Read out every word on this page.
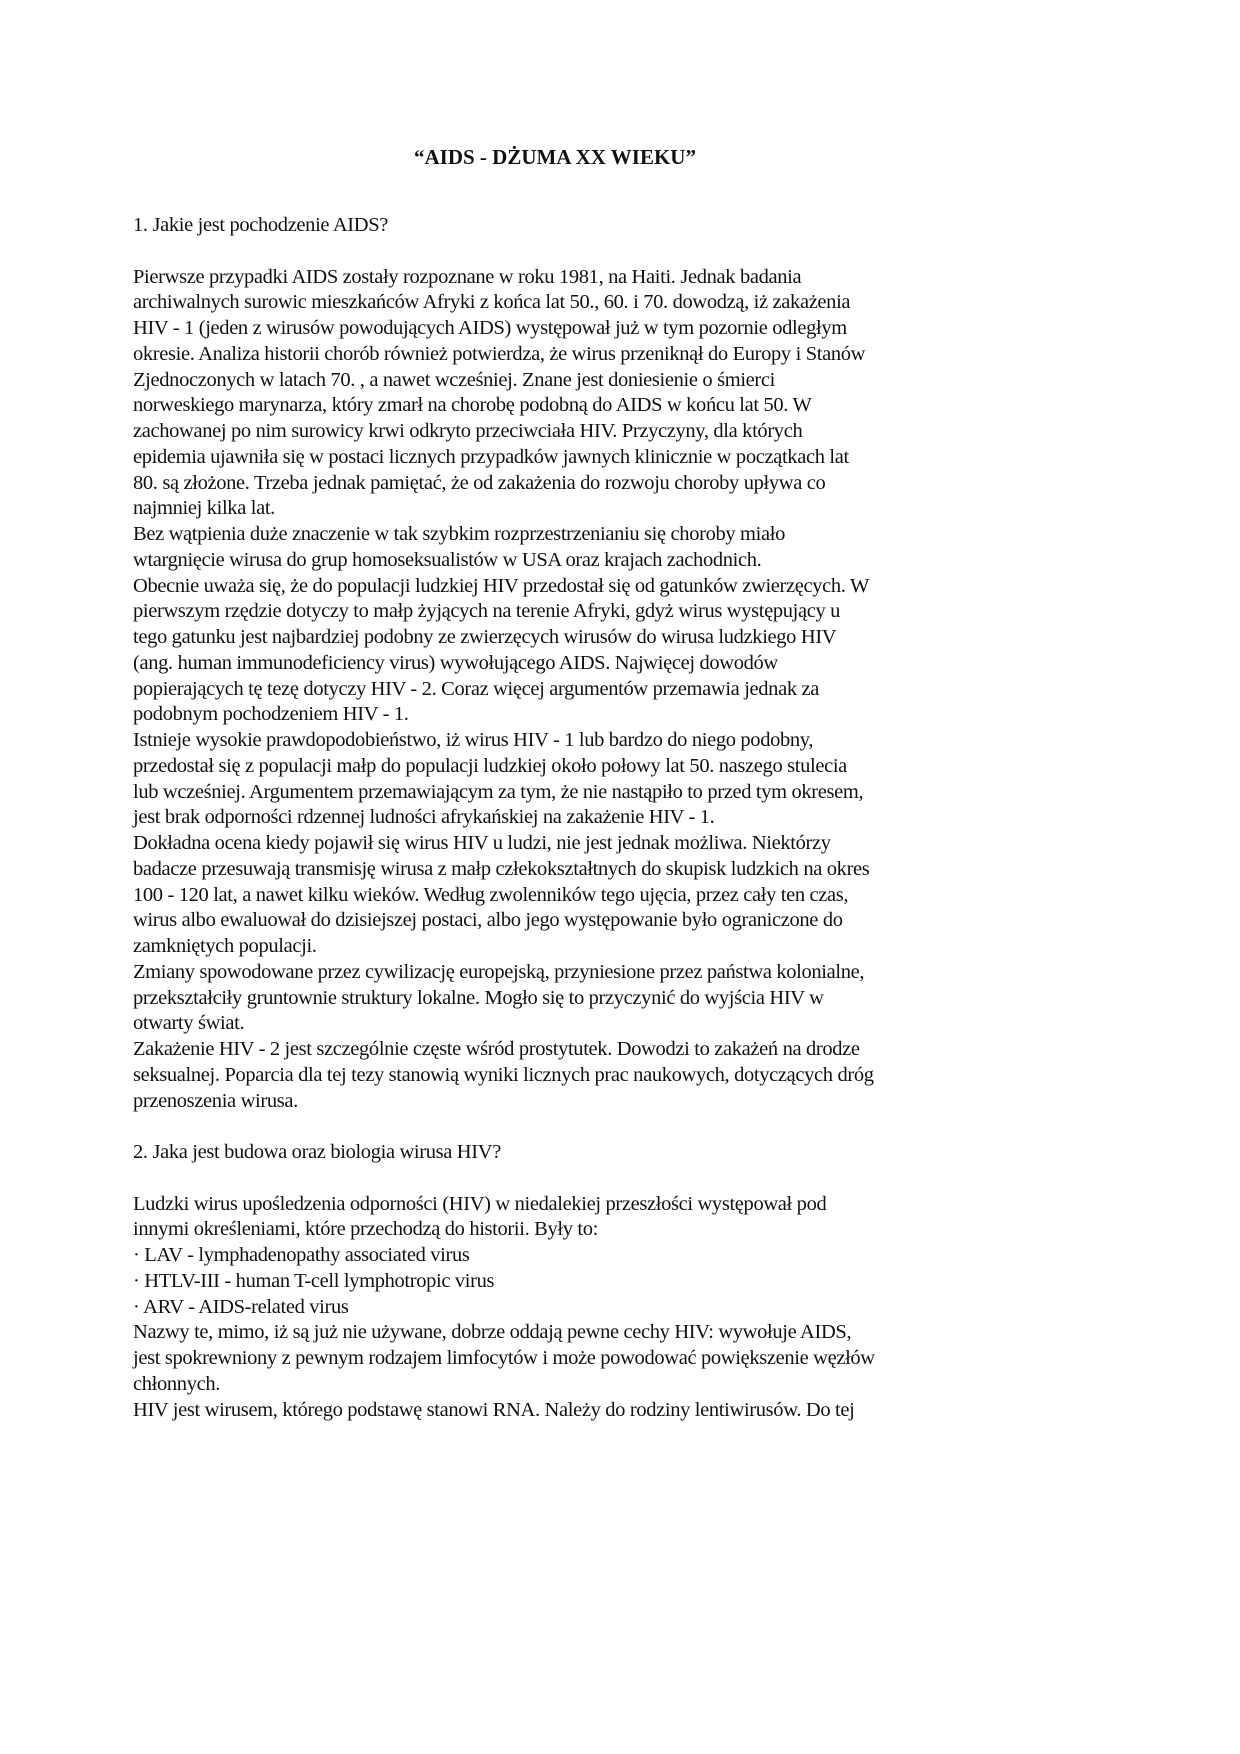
“AIDS - DŻUMA XX WIEKU”
1. Jakie jest pochodzenie AIDS?
Pierwsze przypadki AIDS zostały rozpoznane w roku 1981, na Haiti. Jednak badania
archiwalnych surowic mieszkańców Afryki z końca lat 50., 60. i 70. dowodzą, iż zakażenia
HIV - 1 (jeden z wirusów powodujących AIDS) występował już w tym pozornie odległym
okresie. Analiza historii chorób również potwierdza, że wirus przeniknął do Europy i Stanów
Zjednoczonych w latach 70. , a nawet wcześniej. Znane jest doniesienie o śmierci
norweskiego marynarza, który zmarł na chorobę podobną do AIDS w końcu lat 50. W
zachowanej po nim surowicy krwi odkryto przeciwciała HIV. Przyczyny, dla których
epidemia ujawniła się w postaci licznych przypadków jawnych klinicznie w początkach lat
80. są złożone. Trzeba jednak pamiętać, że od zakażenia do rozwoju choroby upływa co
najmniej kilka lat.
Bez wątpienia duże znaczenie w tak szybkim rozprzestrzenianiu się choroby miało
wtargnięcie wirusa do grup homoseksualistów w USA oraz krajach zachodnich.
Obecnie uważa się, że do populacji ludzkiej HIV przedostał się od gatunków zwierzęcych. W
pierwszym rzędzie dotyczy to małp żyjących na terenie Afryki, gdyż wirus występujący u
tego gatunku jest najbardziej podobny ze zwierzęcych wirusów do wirusa ludzkiego HIV
(ang. human immunodeficiency virus) wywołującego AIDS. Najwięcej dowodów
popierających tę tezę dotyczy HIV - 2. Coraz więcej argumentów przemawia jednak za
podobnym pochodzeniem HIV - 1.
Istnieje wysokie prawdopodobieństwo, iż wirus HIV - 1 lub bardzo do niego podobny,
przedostał się z populacji małp do populacji ludzkiej około połowy lat 50. naszego stulecia
lub wcześniej. Argumentem przemawiającym za tym, że nie nastąpiło to przed tym okresem,
jest brak odporności rdzennej ludności afrykańskiej na zakażenie HIV - 1.
Dokładna ocena kiedy pojawił się wirus HIV u ludzi, nie jest jednak możliwa. Niektórzy
badacze przesuwają transmisję wirusa z małp człekokształtnych do skupisk ludzkich na okres
100 - 120 lat, a nawet kilku wieków. Według zwolenników tego ujęcia, przez cały ten czas,
wirus albo ewaluował do dzisiejszej postaci, albo jego występowanie było ograniczone do
zamkniętych populacji.
Zmiany spowodowane przez cywilizację europejską, przyniesione przez państwa kolonialne,
przekształciły gruntownie struktury lokalne. Mogło się to przyczynić do wyjścia HIV w
otwarty świat.
Zakażenie HIV - 2 jest szczególnie częste wśród prostytutek. Dowodzi to zakażeń na drodze
seksualnej. Poparcia dla tej tezy stanowią wyniki licznych prac naukowych, dotyczących dróg
przenoszenia wirusa.
2. Jaka jest budowa oraz biologia wirusa HIV?
Ludzki wirus upośledzenia odporności (HIV) w niedalekiej przeszłości występował pod
innymi określeniami, które przechodzą do historii. Były to:
· LAV - lymphadenopathy associated virus
· HTLV-III - human T-cell lymphotropic virus
· ARV - AIDS-related virus
Nazwy te, mimo, iż są już nie używane, dobrze oddają pewne cechy HIV: wywołuje AIDS,
jest spokrewniony z pewnym rodzajem limfocytów i może powodować powiększenie węzłów
chłonnych.
HIV jest wirusem, którego podstawę stanowi RNA. Należy do rodziny lentiwirusów. Do tej
